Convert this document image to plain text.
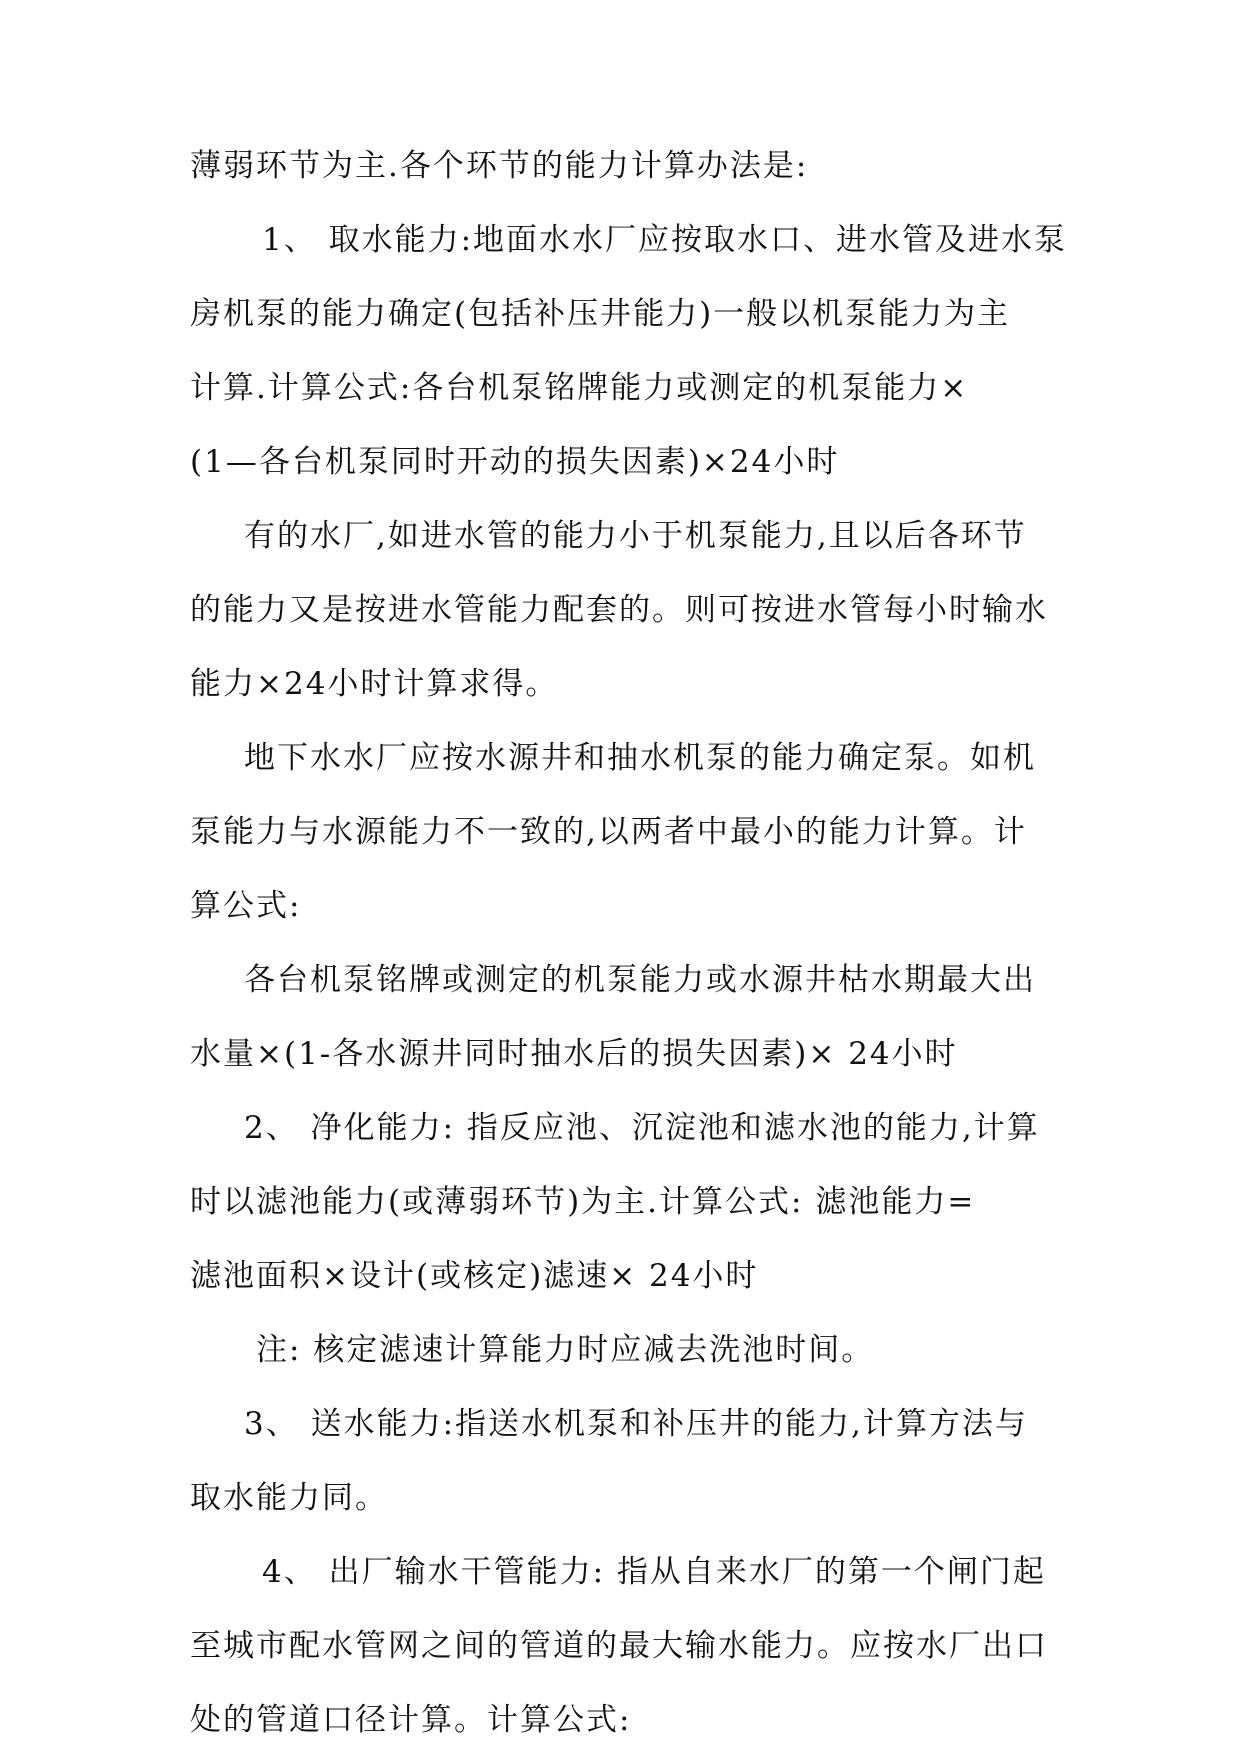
薄弱环节为主.各个环节的能力计算办法是:
1、 取水能力:地面水水厂应按取水口、进水管及进水泵
房机泵的能力确定(包括补压井能力)一般以机泵能力为主
计算.计算公式:各台机泵铭牌能力或测定的机泵能力×
(1—各台机泵同时开动的损失因素)×24小时
有的水厂,如进水管的能力小于机泵能力,且以后各环节
的能力又是按进水管能力配套的。则可按进水管每小时输水
能力×24小时计算求得。
地下水水厂应按水源井和抽水机泵的能力确定泵。如机
泵能力与水源能力不一致的,以两者中最小的能力计算。计
算公式:
各台机泵铭牌或测定的机泵能力或水源井枯水期最大出
水量×(1-各水源井同时抽水后的损失因素)× 24小时
2、 净化能力: 指反应池、沉淀池和滤水池的能力,计算
时以滤池能力(或薄弱环节)为主.计算公式: 滤池能力=
滤池面积×设计(或核定)滤速× 24小时
注: 核定滤速计算能力时应减去洗池时间。
3、 送水能力:指送水机泵和补压井的能力,计算方法与
取水能力同。
4、 出厂输水干管能力: 指从自来水厂的第一个闸门起
至城市配水管网之间的管道的最大输水能力。应按水厂出口
处的管道口径计算。计算公式:
